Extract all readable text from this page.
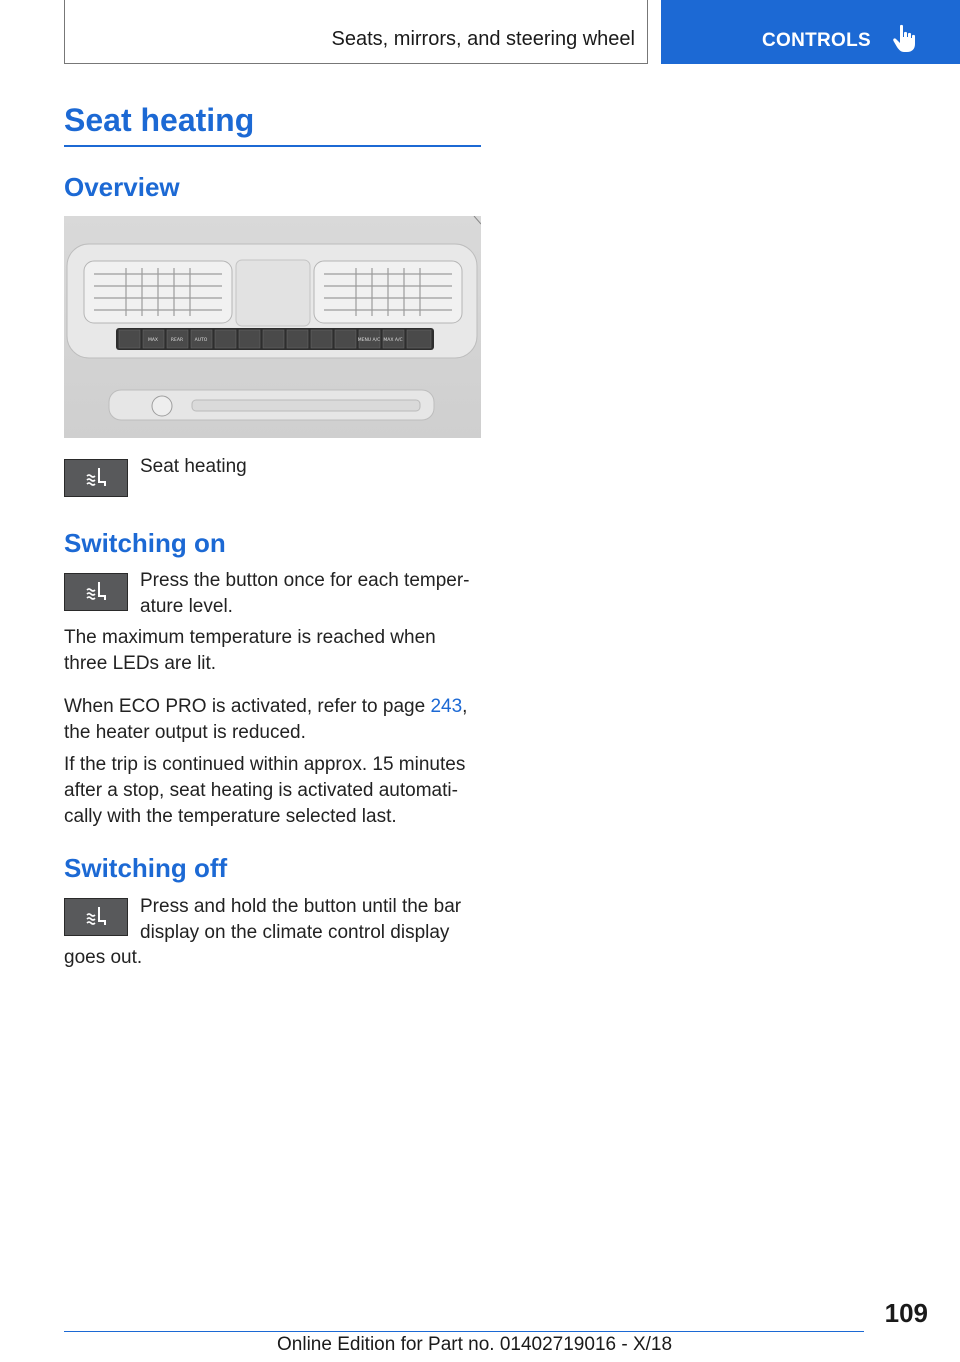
Seats, mirrors, and steering wheel	CONTROLS
Seat heating
Overview
MAX	REAR	AUTO	MENU A/C MAX A/C

Seat heating

Switching on

Press the button once for each temper-

ature level.

The maximum temperature is reached when three LEDs are lit.

When ECO PRO is activated, refer to page 243,

the heater output is reduced.

If the trip is continued within approx. 15 minutes after a stop, seat heating is activated automati- cally with the temperature selected last.

Switching off

Press and hold the button until the bar

display on the climate control display

goes out.

109
Online Edition for Part no. 01402719016 - X/18
